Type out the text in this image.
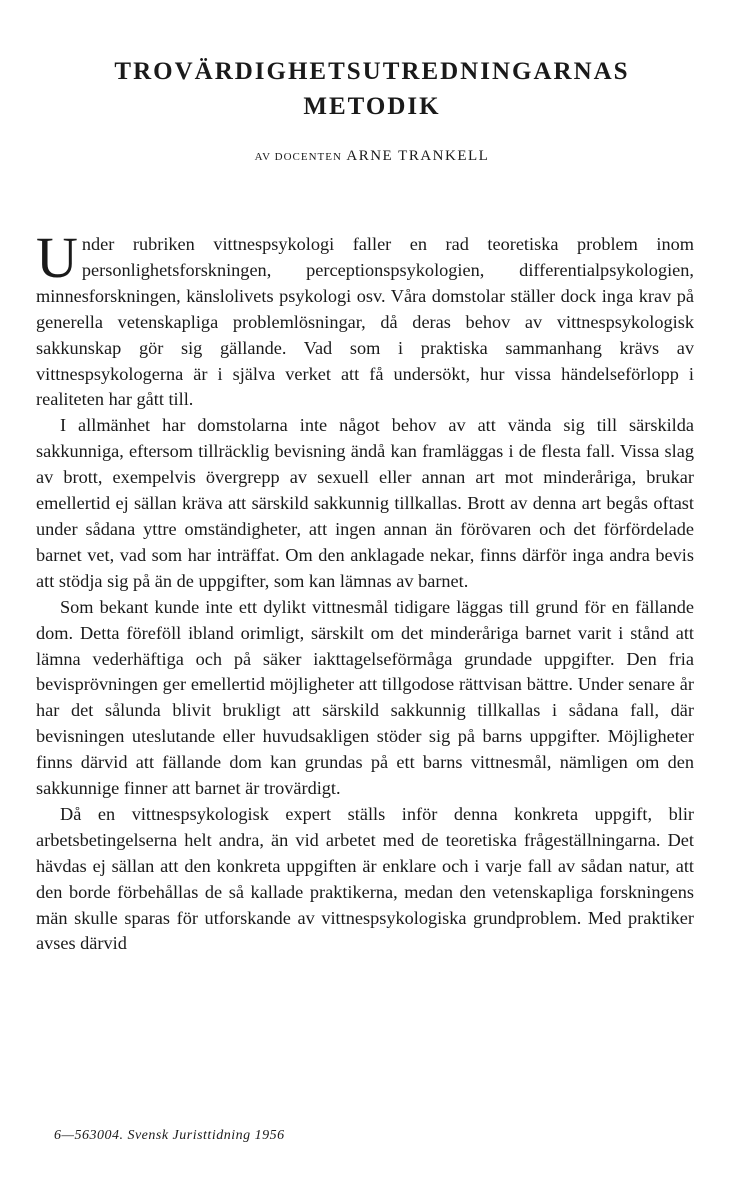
TROVÄRDIGHETSUTREDNINGARNAS
METODIK
AV DOCENTEN ARNE TRANKELL

Under rubriken vittnespsykologi faller en rad teoretiska problem inom personlighetsforskningen, perceptionspsykologien, differentialpsykologien, minnesforskningen, känslolivets psykologi osv. Våra domstolar ställer dock inga krav på generella vetenskapliga problemlösningar, då deras behov av vittnespsykologisk sakkunskap gör sig gällande. Vad som i praktiska sammanhang krävs av vittnespsykologerna är i själva verket att få undersökt, hur vissa händelseförlopp i realiteten har gått till.

I allmänhet har domstolarna inte något behov av att vända sig till särskilda sakkunniga, eftersom tillräcklig bevisning ändå kan framläggas i de flesta fall. Vissa slag av brott, exempelvis övergrepp av sexuell eller annan art mot minderåriga, brukar emellertid ej sällan kräva att särskild sakkunnig tillkallas. Brott av denna art begås oftast under sådana yttre omständigheter, att ingen annan än förövaren och det förfördelade barnet vet, vad som har inträffat. Om den anklagade nekar, finns därför inga andra bevis att stödja sig på än de uppgifter, som kan lämnas av barnet.

Som bekant kunde inte ett dylikt vittnesmål tidigare läggas till grund för en fällande dom. Detta föreföll ibland orimligt, särskilt om det minderåriga barnet varit i stånd att lämna vederhäftiga och på säker iakttagelseförmåga grundade uppgifter. Den fria bevisprövningen ger emellertid möjligheter att tillgodose rättvisan bättre. Under senare år har det sålunda blivit brukligt att särskild sakkunnig tillkallas i sådana fall, där bevisningen uteslutande eller huvudsakligen stöder sig på barns uppgifter. Möjligheter finns därvid att fällande dom kan grundas på ett barns vittnesmål, nämligen om den sakkunnige finner att barnet är trovärdigt.

Då en vittnespsykologisk expert ställs inför denna konkreta uppgift, blir arbetsbetingelserna helt andra, än vid arbetet med de teoretiska frågeställningarna. Det hävdas ej sällan att den konkreta uppgiften är enklare och i varje fall av sådan natur, att den borde förbehållas de så kallade praktikerna, medan den vetenskapliga forskningens män skulle sparas för utforskande av vittnespsykologiska grundproblem. Med praktiker avses därvid

6—563004. Svensk Juristtidning 1956
